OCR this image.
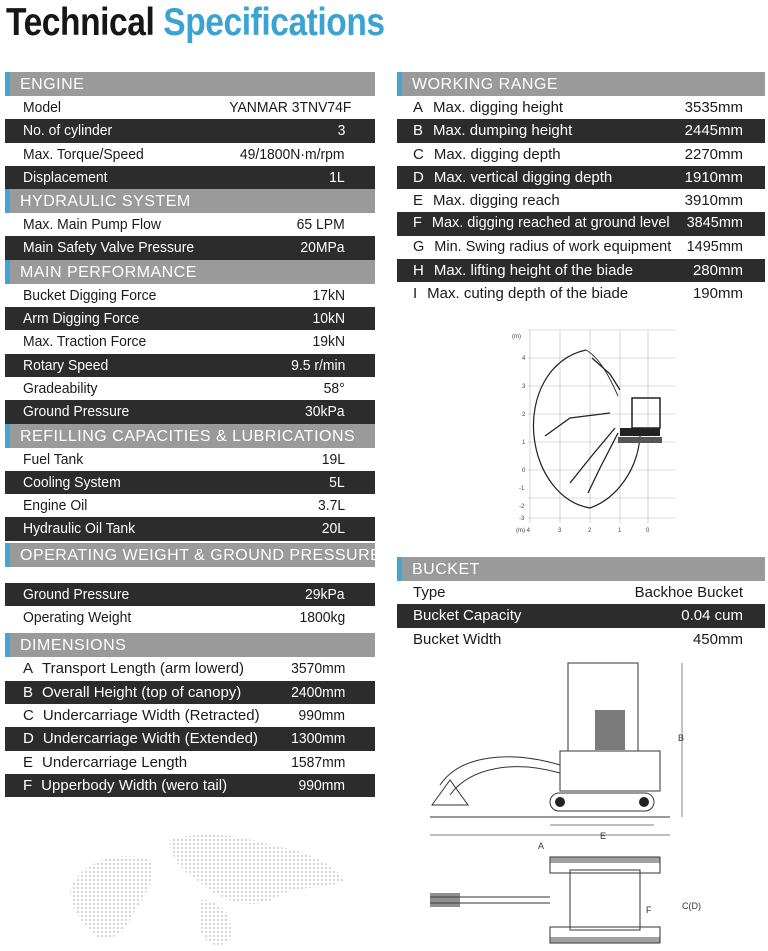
Technical Specifications
ENGINE
Model	YANMAR 3TNV74F
No. of cylinder	3
Max. Torque/Speed	49/1800N·m/rpm
Displacement	1L
HYDRAULIC SYSTEM
Max. Main Pump Flow	65 LPM
Main Safety Valve Pressure	20MPa
MAIN PERFORMANCE
Bucket Digging Force	17kN
Arm Digging Force	10kN
Max. Traction Force	19kN
Rotary Speed	9.5 r/min
Gradeability	58°
Ground Pressure	30kPa
REFILLING CAPACITIES & LUBRICATIONS
Fuel Tank	19L
Cooling System	5L
Engine Oil	3.7L
Hydraulic Oil Tank	20L
OPERATING WEIGHT & GROUND PRESSURE
Ground Pressure	29kPa
Operating Weight	1800kg
DIMENSIONS
A Transport Length (arm lowerd)	3570mm
B Overall Height (top of canopy)	2400mm
C Undercarriage Width (Retracted)	990mm
D Undercarriage Width (Extended) 1300mm
E Undercarriage Length	1587mm
F Upperbody Width (wero tail)	990mm
WORKING RANGE
A Max. digging height	3535mm
B Max. dumping height	2445mm
C Max. digging depth	2270mm
D Max. vertical digging depth	1910mm
E Max. digging reach	3910mm
F Max. digging reached at ground level 3845mm
G Min. Swing radius of work equipment 1495mm
H Max. lifting height of the biade	280mm
I Max. cuting depth of the biade	190mm
(m)
4
3
2
1
0
-1
-2
-3
(m) 4	3	2	1	0
BUCKET
Type	Backhoe Bucket
Bucket Capacity	0.04 cum
Bucket Width	450mm
A
E
B
F	C(D)
